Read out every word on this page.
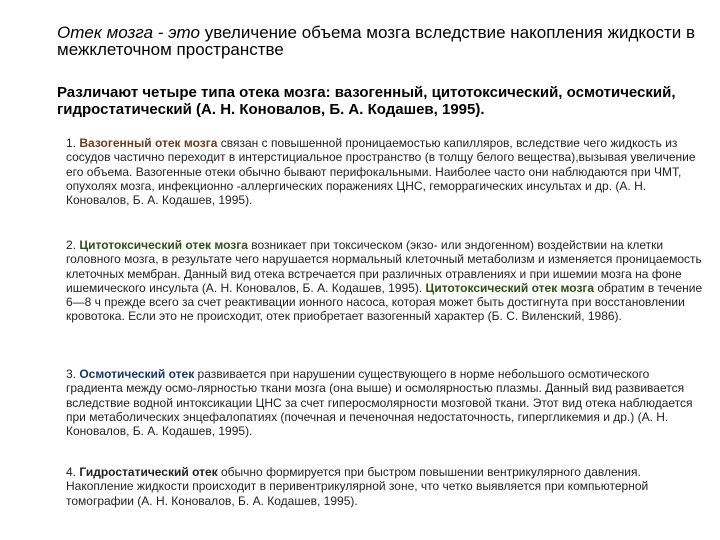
Отек мозга - это увеличение объема мозга вследствие накопления жидкости в межклеточном пространстве
Различают четыре типа отека мозга: вазогенный, цитотоксический, осмотический, гидростатический (А. Н. Коновалов, Б. А. Кодашев, 1995).
1. Вазогенный отек мозга связан с повышенной проницаемостью капилляров, вследствие чего жидкость из сосудов частично переходит в интерстициальное пространство (в толщу белого вещества),вызывая увеличение его объема. Вазогенные отеки обычно бывают перифокальными. Наиболее часто они наблюдаются при ЧМТ, опухолях мозга, инфекционно -аллергических поражениях ЦНС, геморрагических инсультах и др. (А. Н. Коновалов, Б. А. Кодашев, 1995).
2. Цитотоксический отек мозга возникает при токсическом (экзо- или эндогенном) воздействии на клетки головного мозга, в результате чего нарушается нормальный клеточный метаболизм и изменяется проницаемость клеточных мембран. Данный вид отека встречается при различных отравлениях и при ишемии мозга на фоне ишемического инсульта (А. Н. Коновалов, Б. А. Кодашев, 1995). Цитотоксический отек мозга обратим в течение 6—8 ч прежде всего за счет реактивации ионного насоса, которая может быть достигнута при восстановлении кровотока. Если это не происходит, отек приобретает вазогенный характер (Б. С. Виленский, 1986).
3. Осмотический отек развивается при нарушении существующего в норме небольшого осмотического градиента между осмо-лярностью ткани мозга (она выше) и осмолярностью плазмы. Данный вид развивается вследствие водной интоксикации ЦНС за счет гиперосмолярности мозговой ткани. Этот вид отека наблюдается при метаболических энцефалопатиях (почечная и печеночная недостаточность, гипергликемия и др.) (А. Н. Коновалов, Б. А. Кодашев, 1995).
4. Гидростатический отек обычно формируется при быстром повышении вентрикулярного давления. Накопление жидкости происходит в перивентрикулярной зоне, что четко выявляется при компьютерной томографии (А. Н. Коновалов, Б. А. Кодашев, 1995).
